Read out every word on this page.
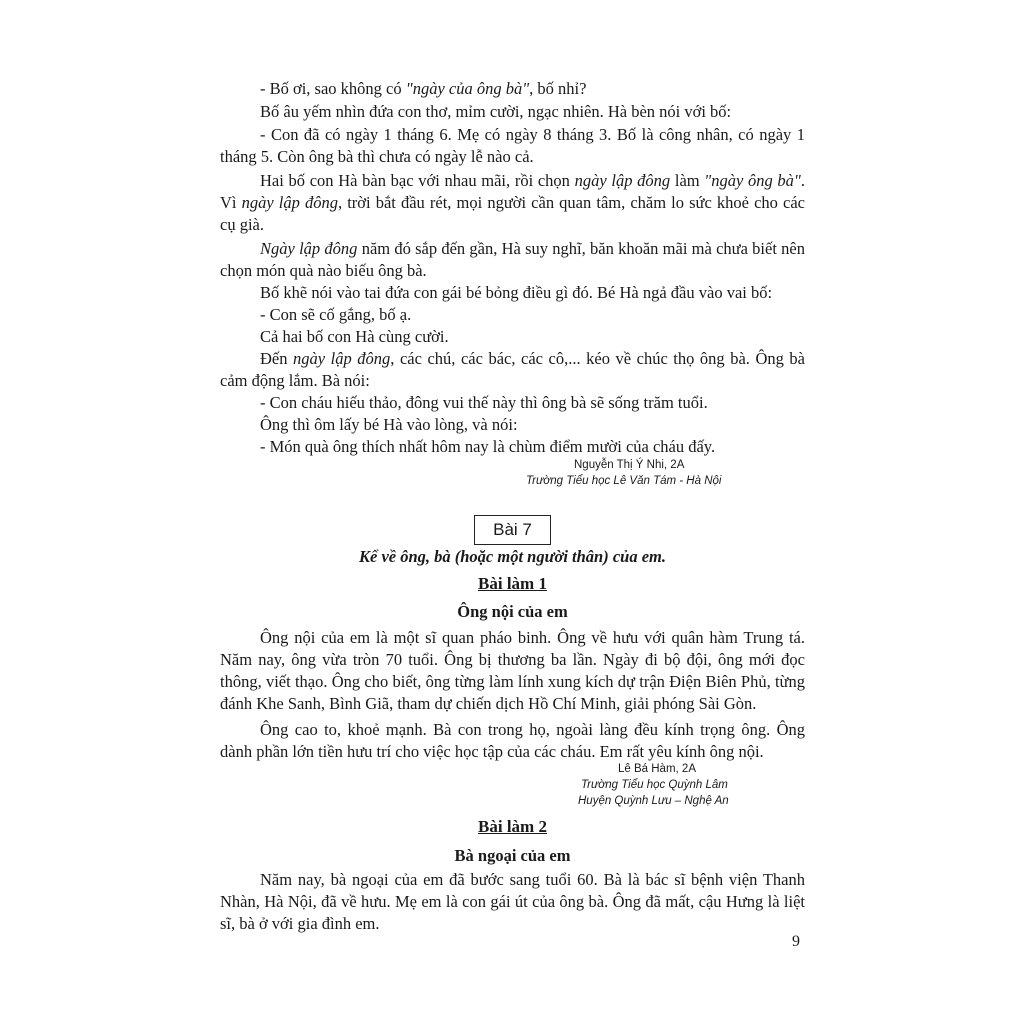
- Bố ơi, sao không có "ngày của ông bà", bố nhỉ?

Bố âu yếm nhìn đứa con thơ, mỉm cười, ngạc nhiên. Hà bèn nói với bố:

- Con đã có ngày 1 tháng 6. Mẹ có ngày 8 tháng 3. Bố là công nhân, có ngày 1 tháng 5. Còn ông bà thì chưa có ngày lễ nào cả.

Hai bố con Hà bàn bạc với nhau mãi, rồi chọn ngày lập đông làm "ngày ông bà". Vì ngày lập đông, trời bắt đầu rét, mọi người cần quan tâm, chăm lo sức khoẻ cho các cụ già.

Ngày lập đông năm đó sắp đến gần, Hà suy nghĩ, băn khoăn mãi mà chưa biết nên chọn món quà nào biếu ông bà.

Bố khẽ nói vào tai đứa con gái bé bỏng điều gì đó. Bé Hà ngả đầu vào vai bố:

- Con sẽ cố gắng, bố ạ.

Cả hai bố con Hà cùng cười.

Đến ngày lập đông, các chú, các bác, các cô,... kéo về chúc thọ ông bà. Ông bà cảm động lắm. Bà nói:

- Con cháu hiếu thảo, đông vui thế này thì ông bà sẽ sống trăm tuổi.

Ông thì ôm lấy bé Hà vào lòng, và nói:

- Món quà ông thích nhất hôm nay là chùm điểm mười của cháu đấy.

Nguyễn Thị Ý Nhi, 2A
Trường Tiểu học Lê Văn Tám - Hà Nội
Bài 7
Kể về ông, bà (hoặc một người thân) của em.
Bài làm 1
Ông nội của em

Ông nội của em là một sĩ quan pháo binh. Ông về hưu với quân hàm Trung tá. Năm nay, ông vừa tròn 70 tuổi. Ông bị thương ba lần. Ngày đi bộ đội, ông mới đọc thông, viết thạo. Ông cho biết, ông từng làm lính xung kích dự trận Điện Biên Phủ, từng đánh Khe Sanh, Bình Giã, tham dự chiến dịch Hồ Chí Minh, giải phóng Sài Gòn.

Ông cao to, khoẻ mạnh. Bà con trong họ, ngoài làng đều kính trọng ông. Ông dành phần lớn tiền hưu trí cho việc học tập của các cháu. Em rất yêu kính ông nội.

Lê Bá Hàm, 2A
Trường Tiểu học Quỳnh Lâm
Huyện Quỳnh Lưu – Nghệ An
Bài làm 2
Bà ngoại của em

Năm nay, bà ngoại của em đã bước sang tuổi 60. Bà là bác sĩ bệnh viện Thanh Nhàn, Hà Nội, đã về hưu. Mẹ em là con gái út của ông bà. Ông đã mất, cậu Hưng là liệt sĩ, bà ở với gia đình em.

9
